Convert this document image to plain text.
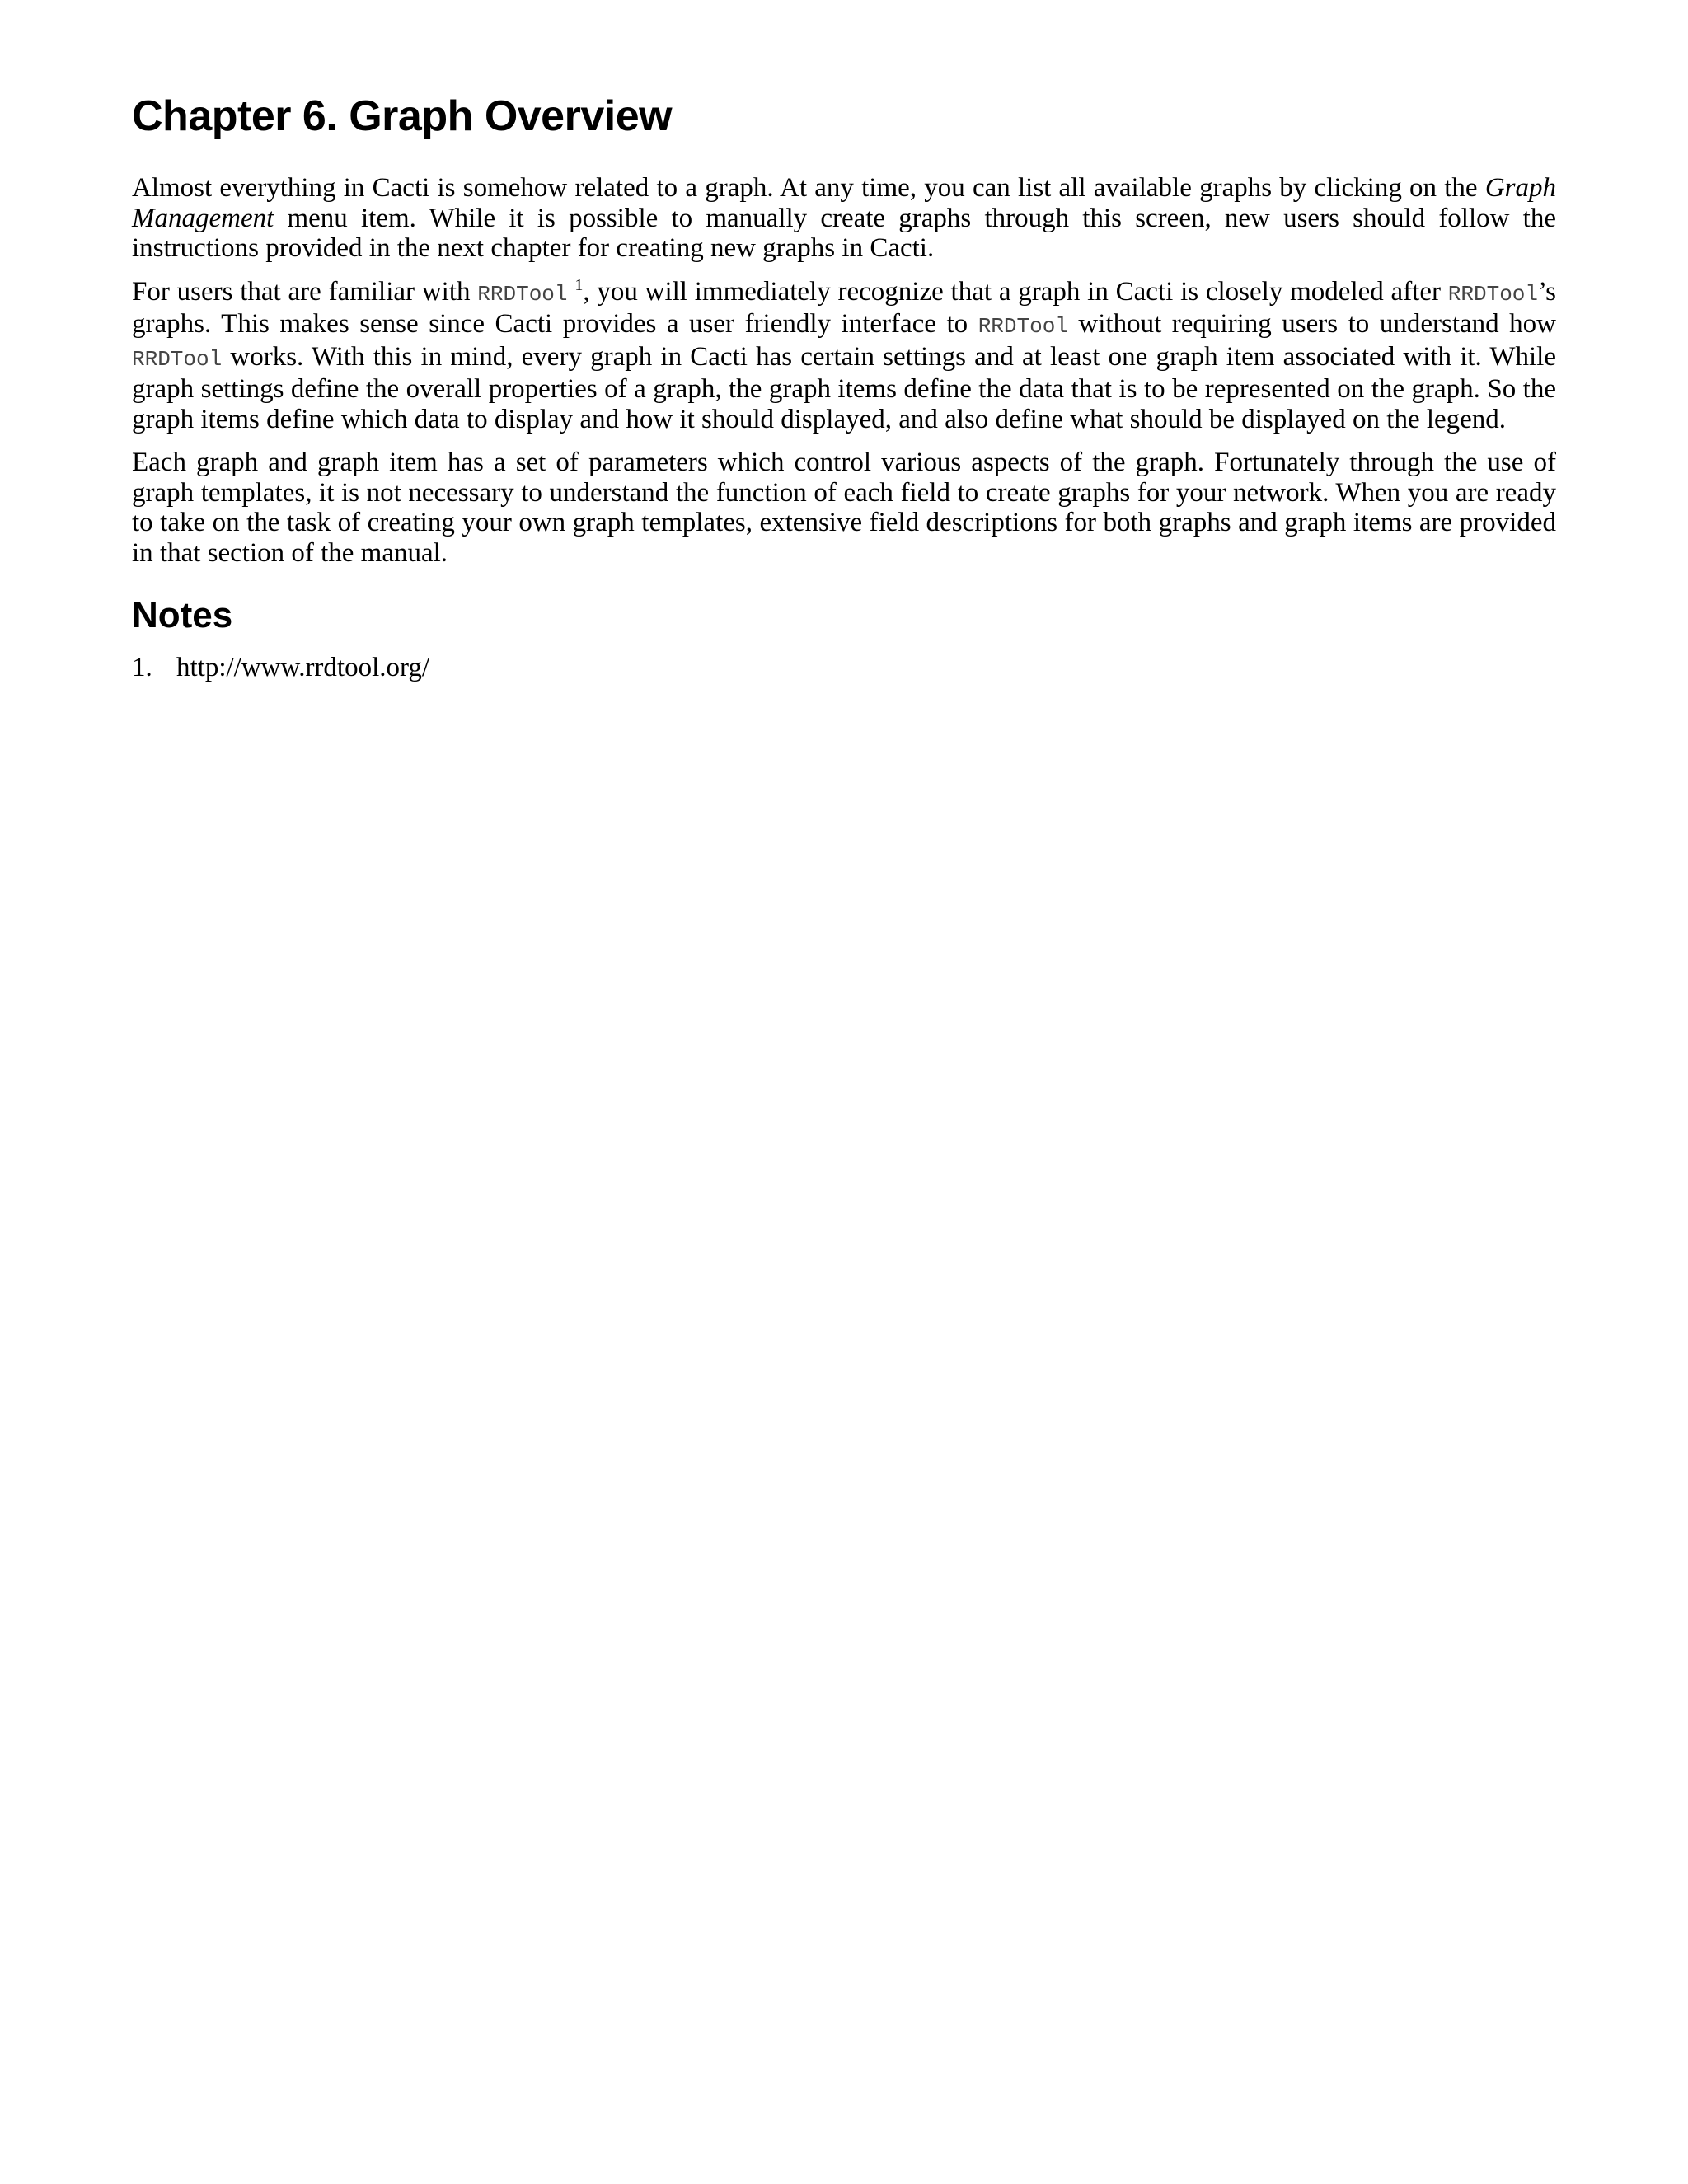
Chapter 6. Graph Overview

Almost everything in Cacti is somehow related to a graph. At any time, you can list all available graphs by clicking on the Graph Management menu item. While it is possible to manually create graphs through this screen, new users should follow the instructions provided in the next chapter for creating new graphs in Cacti.

For users that are familiar with RRDTool $^1$, you will immediately recognize that a graph in Cacti is closely modeled after RRDTool’s graphs. This makes sense since Cacti provides a user friendly interface to RRDTool without requiring users to understand how RRDTool works. With this in mind, every graph in Cacti has certain settings and at least one graph item associated with it. While graph settings define the overall properties of a graph, the graph items define the data that is to be represented on the graph. So the graph items define which data to display and how it should displayed, and also define what should be displayed on the legend.

Each graph and graph item has a set of parameters which control various aspects of the graph. Fortunately through the use of graph templates, it is not necessary to understand the function of each field to create graphs for your network. When you are ready to take on the task of creating your own graph templates, extensive field descriptions for both graphs and graph items are provided in that section of the manual.

Notes
1. http://www.rrdtool.org/
